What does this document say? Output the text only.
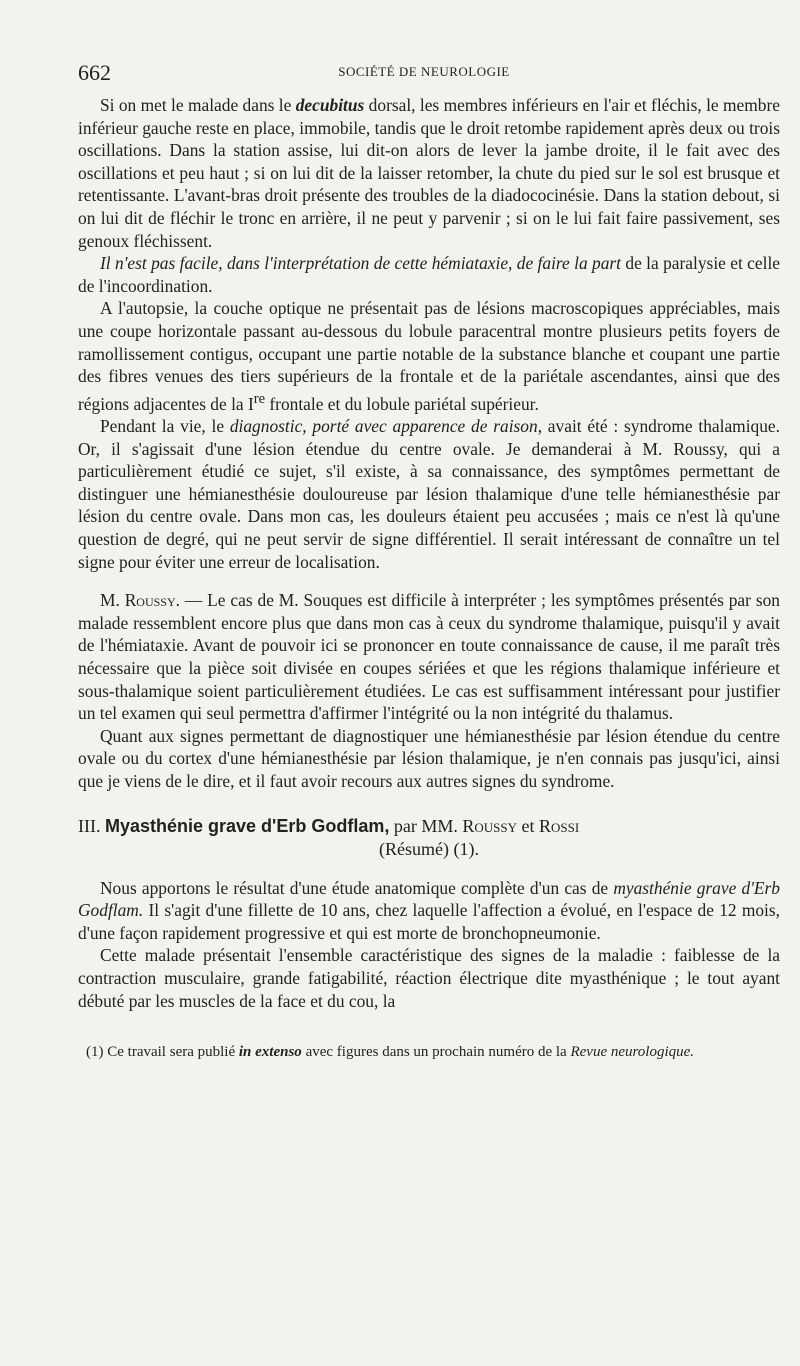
662	SOCIÉTÉ DE NEUROLOGIE

Si on met le malade dans le decubitus dorsal, les membres inférieurs en l'air et fléchis, le membre inférieur gauche reste en place, immobile, tandis que le droit retombe rapidement après deux ou trois oscillations. Dans la station assise, lui dit-on alors de lever la jambe droite, il le fait avec des oscillations et peu haut ; si on lui dit de la laisser retomber, la chute du pied sur le sol est brusque et retentissante. L'avant-bras droit présente des troubles de la diadococinésie. Dans la station debout, si on lui dit de fléchir le tronc en arrière, il ne peut y parvenir ; si on le lui fait faire passivement, ses genoux fléchissent.

Il n'est pas facile, dans l'interprétation de cette hémiataxie, de faire la part de la paralysie et celle de l'incoordination.

A l'autopsie, la couche optique ne présentait pas de lésions macroscopiques appréciables, mais une coupe horizontale passant au-dessous du lobule paracentral montre plusieurs petits foyers de ramollissement contigus, occupant une partie notable de la substance blanche et coupant une partie des fibres venues des tiers supérieurs de la frontale et de la pariétale ascendantes, ainsi que des régions adjacentes de la Ire frontale et du lobule pariétal supérieur.

Pendant la vie, le diagnostic, porté avec apparence de raison, avait été : syndrome thalamique. Or, il s'agissait d'une lésion étendue du centre ovale. Je demanderai à M. Roussy, qui a particulièrement étudié ce sujet, s'il existe, à sa connaissance, des symptômes permettant de distinguer une hémianesthésie douloureuse par lésion thalamique d'une telle hémianesthésie par lésion du centre ovale. Dans mon cas, les douleurs étaient peu accusées ; mais ce n'est là qu'une question de degré, qui ne peut servir de signe différentiel. Il serait intéressant de connaître un tel signe pour éviter une erreur de localisation.

M. Roussy. — Le cas de M. Souques est difficile à interpréter ; les symptômes présentés par son malade ressemblent encore plus que dans mon cas à ceux du syndrome thalamique, puisqu'il y avait de l'hémiataxie. Avant de pouvoir ici se prononcer en toute connaissance de cause, il me paraît très nécessaire que la pièce soit divisée en coupes sériées et que les régions thalamique inférieure et sous-thalamique soient particulièrement étudiées. Le cas est suffisamment intéressant pour justifier un tel examen qui seul permettra d'affirmer l'intégrité ou la non intégrité du thalamus.

Quant aux signes permettant de diagnostiquer une hémianesthésie par lésion étendue du centre ovale ou du cortex d'une hémianesthésie par lésion thalamique, je n'en connais pas jusqu'ici, ainsi que je viens de le dire, et il faut avoir recours aux autres signes du syndrome.

III. Myasthénie grave d'Erb Godflam, par MM. Roussy et Rossi
(Résumé) (1).

Nous apportons le résultat d'une étude anatomique complète d'un cas de myasthénie grave d'Erb Godflam. Il s'agit d'une fillette de 10 ans, chez laquelle l'affection a évolué, en l'espace de 12 mois, d'une façon rapidement progressive et qui est morte de bronchopneumonie.

Cette malade présentait l'ensemble caractéristique des signes de la maladie : faiblesse de la contraction musculaire, grande fatigabilité, réaction électrique dite myasthénique ; le tout ayant débuté par les muscles de la face et du cou, la

(1) Ce travail sera publié in extenso avec figures dans un prochain numéro de la Revue neurologique.
